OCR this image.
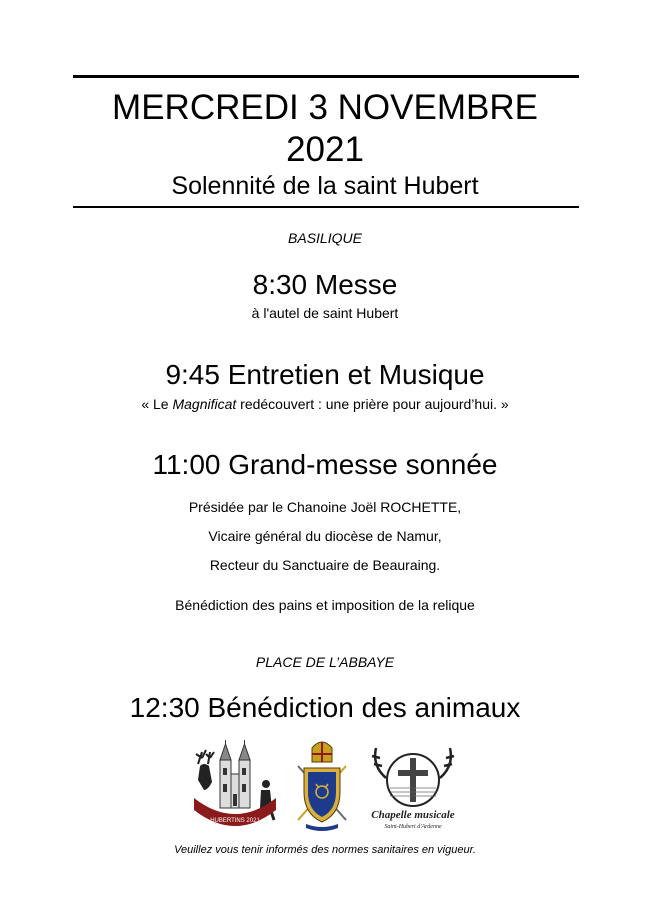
MERCREDI 3 NOVEMBRE
2021
Solennité de la saint Hubert
BASILIQUE
8:30 Messe
à l'autel de saint Hubert
9:45 Entretien et Musique
« Le Magnificat redécouvert : une prière pour aujourd’hui. »
11:00 Grand-messe sonnée
Présidée par le Chanoine Joël ROCHETTE,
Vicaire général du diocèse de Namur,
Recteur du Sanctuaire de Beauraing.
Bénédiction des pains et imposition de la relique
PLACE DE L’ABBAYE
12:30 Bénédiction des animaux
HUBERTINS 2021	Chapelle musicale
Saint-Hubert d'Ardenne
Veuillez vous tenir informés des normes sanitaires en vigueur.
